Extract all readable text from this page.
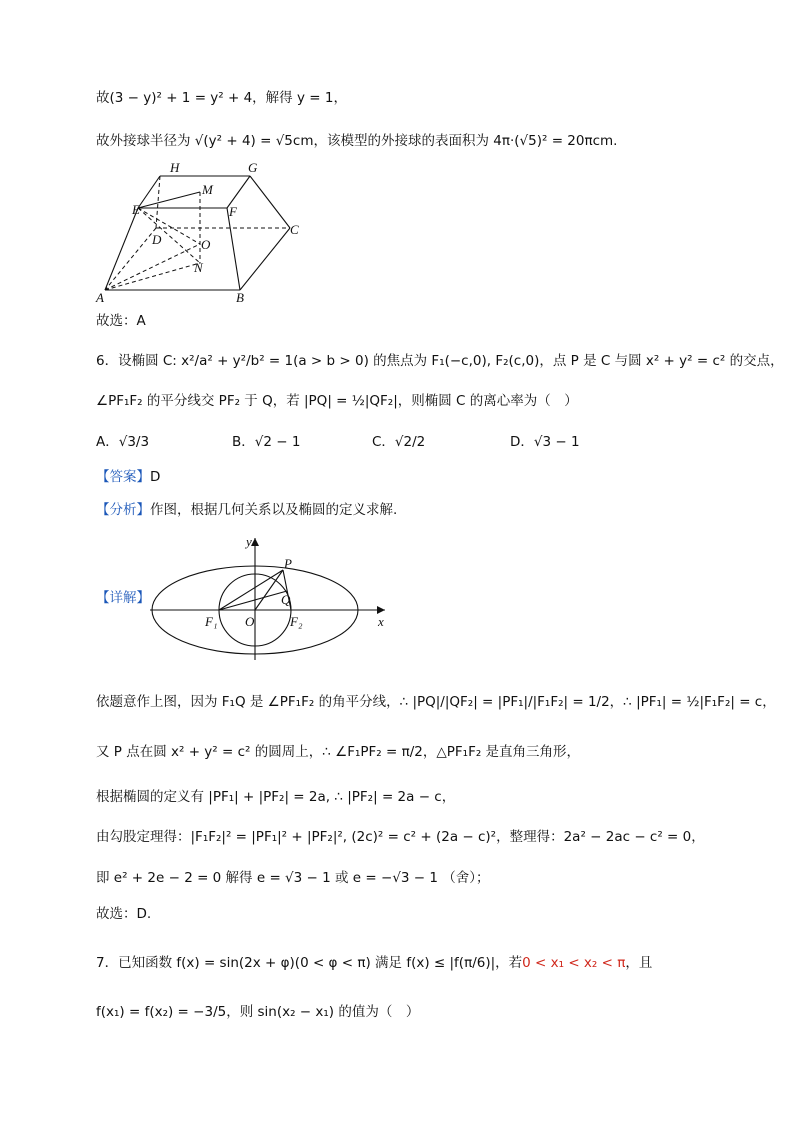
故(3 − y)² + 1 = y² + 4，解得 y = 1，
故外接球半径为 √(y² + 4) = √5cm，该模型的外接球的表面积为 4π·(√5)² = 20πcm.
H	G
M
E	F
D	O
C
N
A	B
故选：A
6．设椭圆 C: x²/a² + y²/b² = 1(a > b > 0) 的焦点为 F₁(−c,0), F₂(c,0)，点 P 是 C 与圆 x² + y² = c² 的交点，
∠PF₁F₂ 的平分线交 PF₂ 于 Q，若 |PQ| = ½|QF₂|，则椭圆 C 的离心率为（　）
A．√3/3	B．√2 − 1	C．√2/2	D．√3 − 1
【答案】D
【分析】作图，根据几何关系以及椭圆的定义求解.
【详解】
y
P
Q
F₁ O	F₂	x
依题意作上图，因为 F₁Q 是 ∠PF₁F₂ 的角平分线，∴ |PQ|/|QF₂| = |PF₁|/|F₁F₂| = 1/2，∴ |PF₁| = ½|F₁F₂| = c，
又 P 点在圆 x² + y² = c² 的圆周上，∴ ∠F₁PF₂ = π/2，△PF₁F₂ 是直角三角形，
根据椭圆的定义有 |PF₁| + |PF₂| = 2a, ∴ |PF₂| = 2a − c，
由勾股定理得：|F₁F₂|² = |PF₁|² + |PF₂|², (2c)² = c² + (2a − c)²，整理得：2a² − 2ac − c² = 0，
即 e² + 2e − 2 = 0 解得 e = √3 − 1 或 e = −√3 − 1 （舍）；
故选：D.
7．已知函数 f(x) = sin(2x + φ)(0 < φ < π) 满足 f(x) ≤ |f(π/6)|，若0 < x₁ < x₂ < π，且
f(x₁) = f(x₂) = −3/5，则 sin(x₂ − x₁) 的值为（　）
